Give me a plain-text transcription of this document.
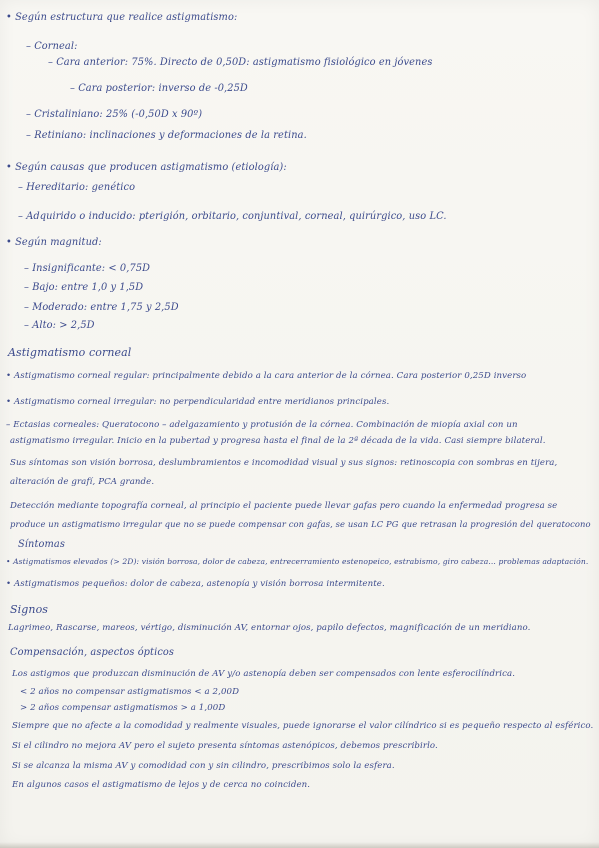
• Según estructura que realice astigmatismo:
– Corneal:
– Cara anterior: 75%. Directo de 0,50D: astigmatismo fisiológico en jóvenes
– Cara posterior: inverso de -0,25D
– Cristaliniano: 25% (-0,50D x 90º)
– Retiniano: inclinaciones y deformaciones de la retina.
• Según causas que producen astigmatismo (etiología):
– Hereditario: genético
– Adquirido o inducido: pterigión, orbitario, conjuntival, corneal, quirúrgico, uso LC.
• Según magnitud:
– Insignificante: < 0,75D
– Bajo: entre 1,0 y 1,5D
– Moderado: entre 1,75 y 2,5D
– Alto: > 2,5D
Astigmatismo corneal
• Astigmatismo corneal regular: principalmente debido a la cara anterior de la córnea. Cara posterior 0,25D inverso
• Astigmatismo corneal irregular: no perpendicularidad entre meridianos principales.
– Ectasias corneales: Queratocono – adelgazamiento y protusión de la córnea. Combinación de miopía axial con un
astigmatismo irregular. Inicio en la pubertad y progresa hasta el final de la 2ª década de la vida. Casi siempre bilateral.
Sus síntomas son visión borrosa, deslumbramientos e incomodidad visual y sus signos: retinoscopia con sombras en tijera,
alteración de grafí, PCA grande.
Detección mediante topografía corneal, al principio el paciente puede llevar gafas pero cuando la enfermedad progresa se
produce un astigmatismo irregular que no se puede compensar con gafas, se usan LC PG que retrasan la progresión del queratocono
Síntomas
• Astigmatismos elevados (> 2D): visión borrosa, dolor de cabeza, entrecerramiento estenopeico, estrabismo, giro cabeza... problemas adaptación.
• Astigmatismos pequeños: dolor de cabeza, astenopía y visión borrosa intermitente.
Signos
Lagrimeo, Rascarse, mareos, vértigo, disminución AV, entornar ojos, papilo defectos, magnificación de un meridiano.
Compensación, aspectos ópticos
Los astigmos que produzcan disminución de AV y/o astenopía deben ser compensados con lente esferocilíndrica.
< 2 años no compensar astigmatismos < a 2,00D
> 2 años compensar astigmatismos > a 1,00D
Siempre que no afecte a la comodidad y realmente visuales, puede ignorarse el valor cilíndrico si es pequeño respecto al esférico.
Si el cilindro no mejora AV pero el sujeto presenta síntomas astenópicos, debemos prescribirlo.
Si se alcanza la misma AV y comodidad con y sin cilindro, prescribimos solo la esfera.
En algunos casos el astigmatismo de lejos y de cerca no coinciden.
